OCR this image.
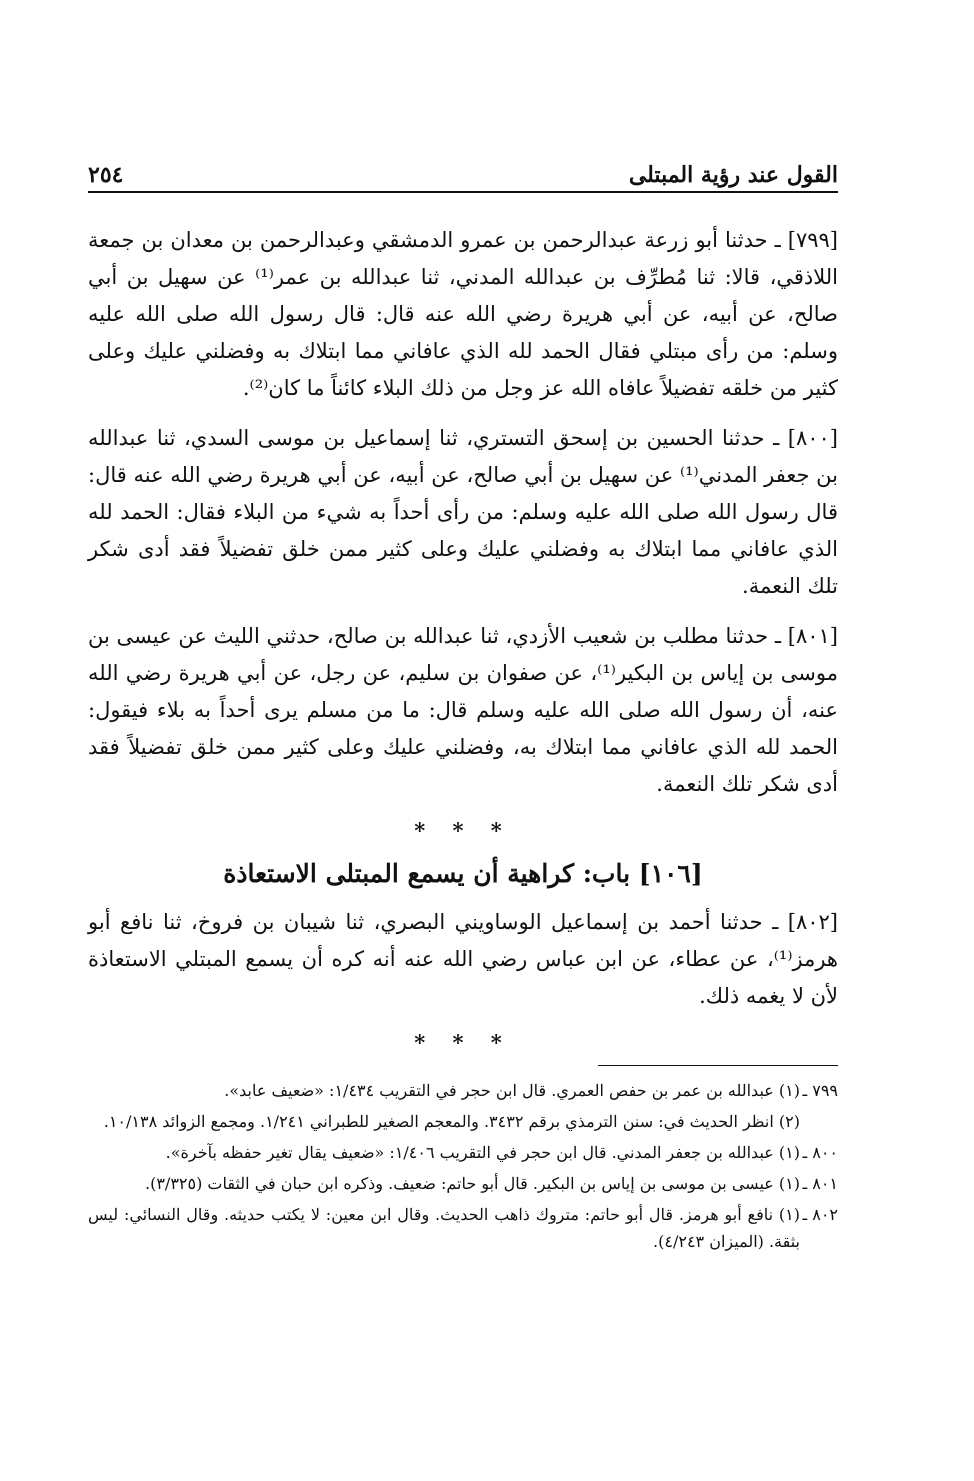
القول عند رؤية المبتلى
٢٥٤

[٧٩٩] ـ حدثنا أبو زرعة عبدالرحمن بن عمرو الدمشقي وعبدالرحمن بن معدان بن جمعة اللاذقي، قالا: ثنا مُطرِّف بن عبدالله المدني، ثنا عبدالله بن عمر⁽¹⁾ عن سهيل بن أبي صالح، عن أبيه، عن أبي هريرة رضي الله عنه قال: قال رسول الله صلى الله عليه وسلم: من رأى مبتلي فقال الحمد لله الذي عافاني مما ابتلاك به وفضلني عليك وعلى كثير من خلقه تفضيلاً عافاه الله عز وجل من ذلك البلاء كائناً ما كان⁽²⁾.

[٨٠٠] ـ حدثنا الحسين بن إسحق التستري، ثنا إسماعيل بن موسى السدي، ثنا عبدالله بن جعفر المدني⁽¹⁾ عن سهيل بن أبي صالح، عن أبيه، عن أبي هريرة رضي الله عنه قال: قال رسول الله صلى الله عليه وسلم: من رأى أحداً به شيء من البلاء فقال: الحمد لله الذي عافاني مما ابتلاك به وفضلني عليك وعلى كثير ممن خلق تفضيلاً فقد أدى شكر تلك النعمة.

[٨٠١] ـ حدثنا مطلب بن شعيب الأزدي، ثنا عبدالله بن صالح، حدثني الليث عن عيسى بن موسى بن إياس بن البكير⁽¹⁾، عن صفوان بن سليم، عن رجل، عن أبي هريرة رضي الله عنه، أن رسول الله صلى الله عليه وسلم قال: ما من مسلم يرى أحداً به بلاء فيقول: الحمد لله الذي عافاني مما ابتلاك به، وفضلني عليك وعلى كثير ممن خلق تفضيلاً فقد أدى شكر تلك النعمة.

* * *
[١٠٦] باب: كراهية أن يسمع المبتلى الاستعاذة

[٨٠٢] ـ حدثنا أحمد بن إسماعيل الوساويني البصري، ثنا شيبان بن فروخ، ثنا نافع أبو هرمز⁽¹⁾، عن عطاء، عن ابن عباس رضي الله عنه أنه كره أن يسمع المبتلي الاستعاذة لأن لا يغمه ذلك.

* * *
٧٩٩ ـ
(١) عبدالله بن عمر بن حفص العمري. قال ابن حجر في التقريب ١/٤٣٤: «ضعيف عابد».
(٢) انظر الحديث في: سنن الترمذي برقم ٣٤٣٢. والمعجم الصغير للطبراني ١/٢٤١. ومجمع الزوائد ١٠/١٣٨.
٨٠٠ ـ
(١) عبدالله بن جعفر المدني. قال ابن حجر في التقريب ١/٤٠٦: «ضعيف يقال تغير حفظه بآخرة».
٨٠١ ـ
(١) عيسى بن موسى بن إياس بن البكير. قال أبو حاتم: ضعيف. وذكره ابن حبان في الثقات (٣/٣٢٥).
٨٠٢ ـ
(١) نافع أبو هرمز. قال أبو حاتم: متروك ذاهب الحديث. وقال ابن معين: لا يكتب حديثه. وقال النسائي: ليس بثقة. (الميزان ٤/٢٤٣).
